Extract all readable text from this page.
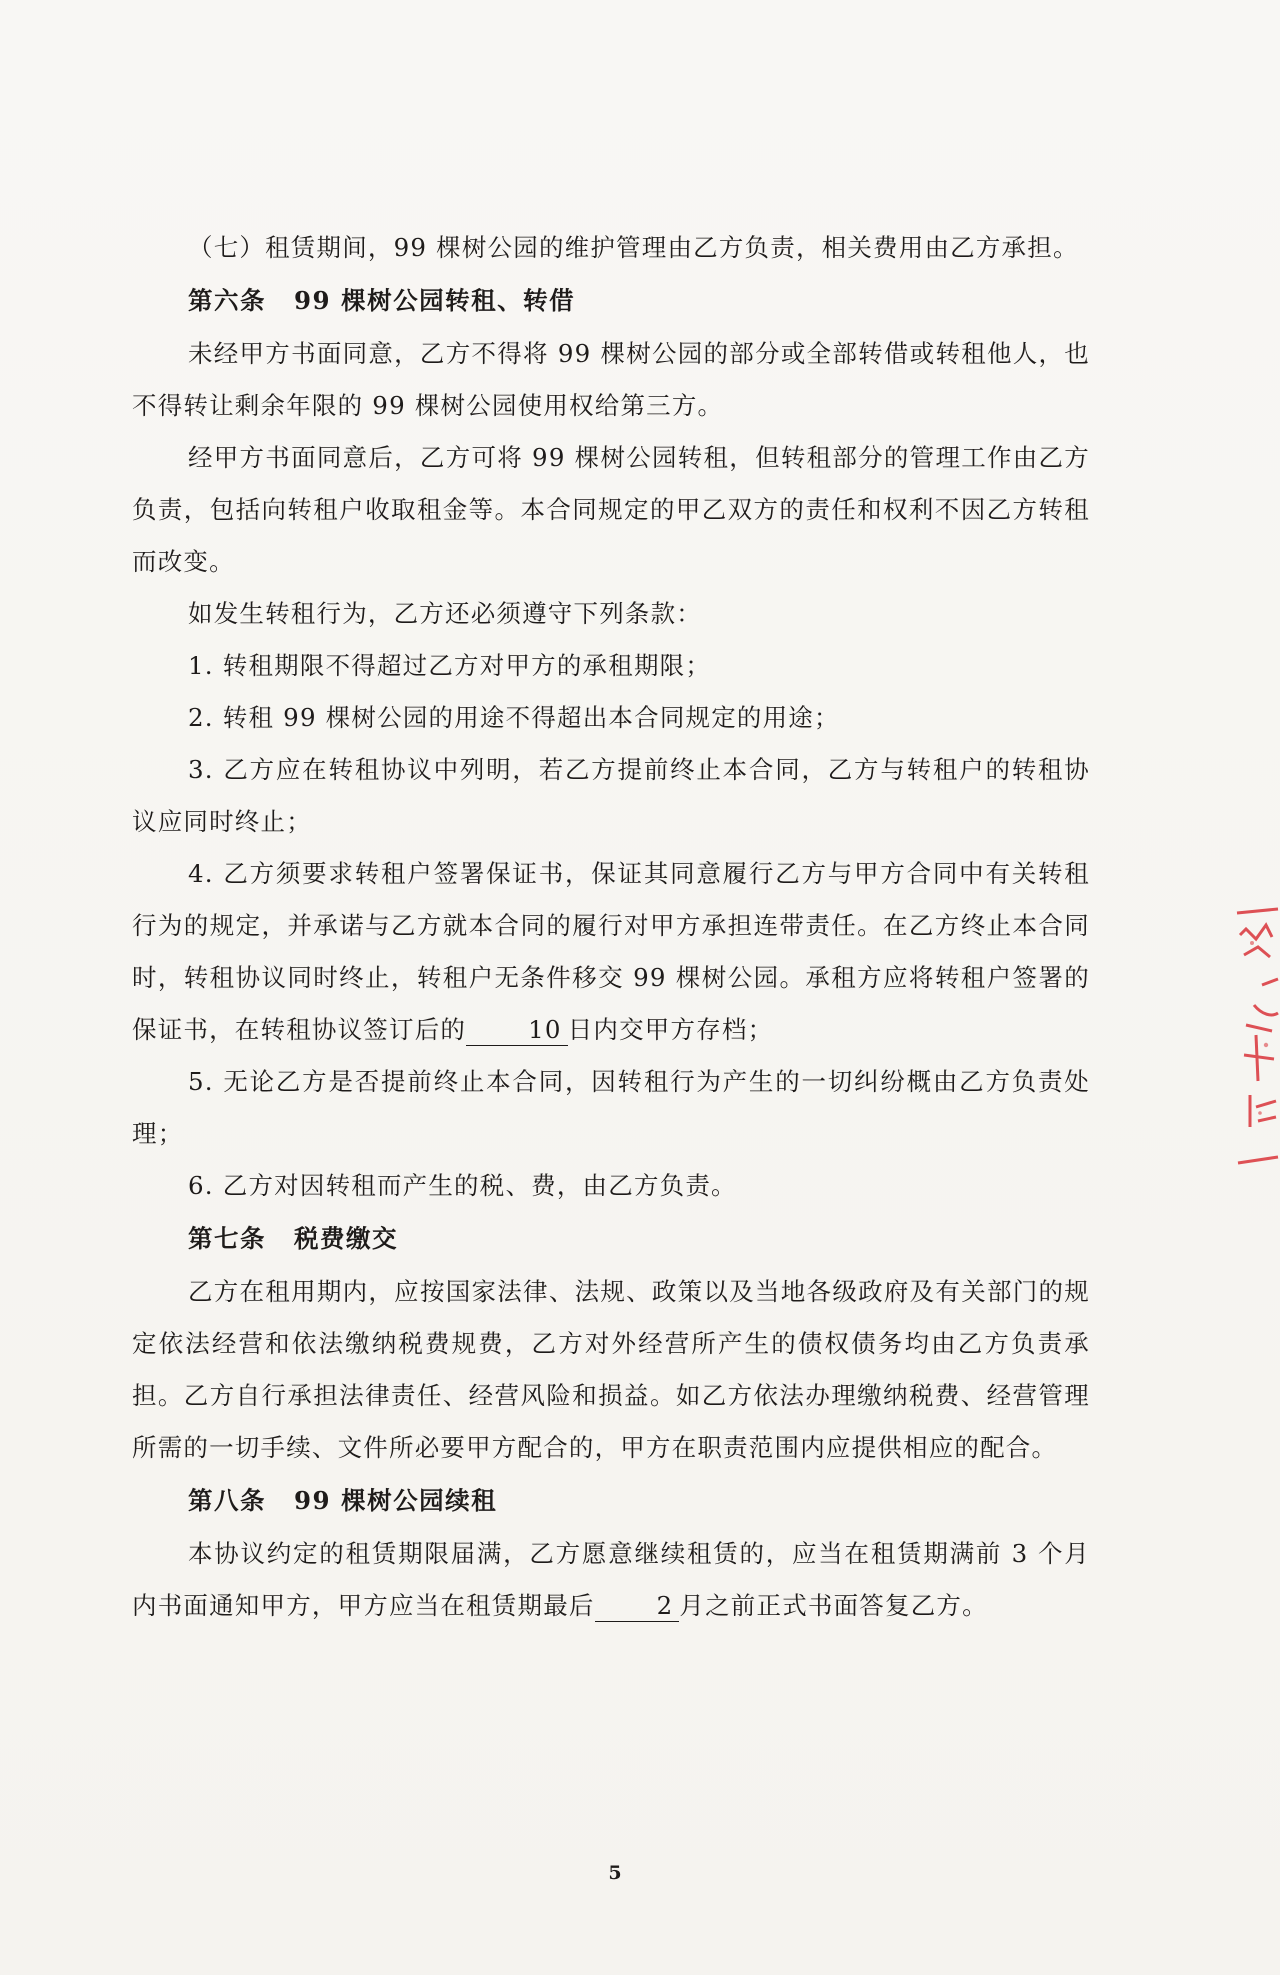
（七）租赁期间，99 棵树公园的维护管理由乙方负责，相关费用由乙方承担。

第六条 99 棵树公园转租、转借

未经甲方书面同意，乙方不得将 99 棵树公园的部分或全部转借或转租他人，也不得转让剩余年限的 99 棵树公园使用权给第三方。

经甲方书面同意后，乙方可将 99 棵树公园转租，但转租部分的管理工作由乙方负责，包括向转租户收取租金等。本合同规定的甲乙双方的责任和权利不因乙方转租而改变。

如发生转租行为，乙方还必须遵守下列条款：

1. 转租期限不得超过乙方对甲方的承租期限；

2. 转租 99 棵树公园的用途不得超出本合同规定的用途；

3. 乙方应在转租协议中列明，若乙方提前终止本合同，乙方与转租户的转租协议应同时终止；

4. 乙方须要求转租户签署保证书，保证其同意履行乙方与甲方合同中有关转租行为的规定，并承诺与乙方就本合同的履行对甲方承担连带责任。在乙方终止本合同时，转租协议同时终止，转租户无条件移交 99 棵树公园。承租方应将转租户签署的保证书，在转租协议签订后的	10 日内交甲方存档；

5. 无论乙方是否提前终止本合同，因转租行为产生的一切纠纷概由乙方负责处理；

6. 乙方对因转租而产生的税、费，由乙方负责。

第七条 税费缴交

乙方在租用期内，应按国家法律、法规、政策以及当地各级政府及有关部门的规定依法经营和依法缴纳税费规费，乙方对外经营所产生的债权债务均由乙方负责承担。乙方自行承担法律责任、经营风险和损益。如乙方依法办理缴纳税费、经营管理所需的一切手续、文件所必要甲方配合的，甲方在职责范围内应提供相应的配合。

第八条 99 棵树公园续租

本协议约定的租赁期限届满，乙方愿意继续租赁的，应当在租赁期满前 3 个月内书面通知甲方，甲方应当在租赁期最后	2 月之前正式书面答复乙方。

5
